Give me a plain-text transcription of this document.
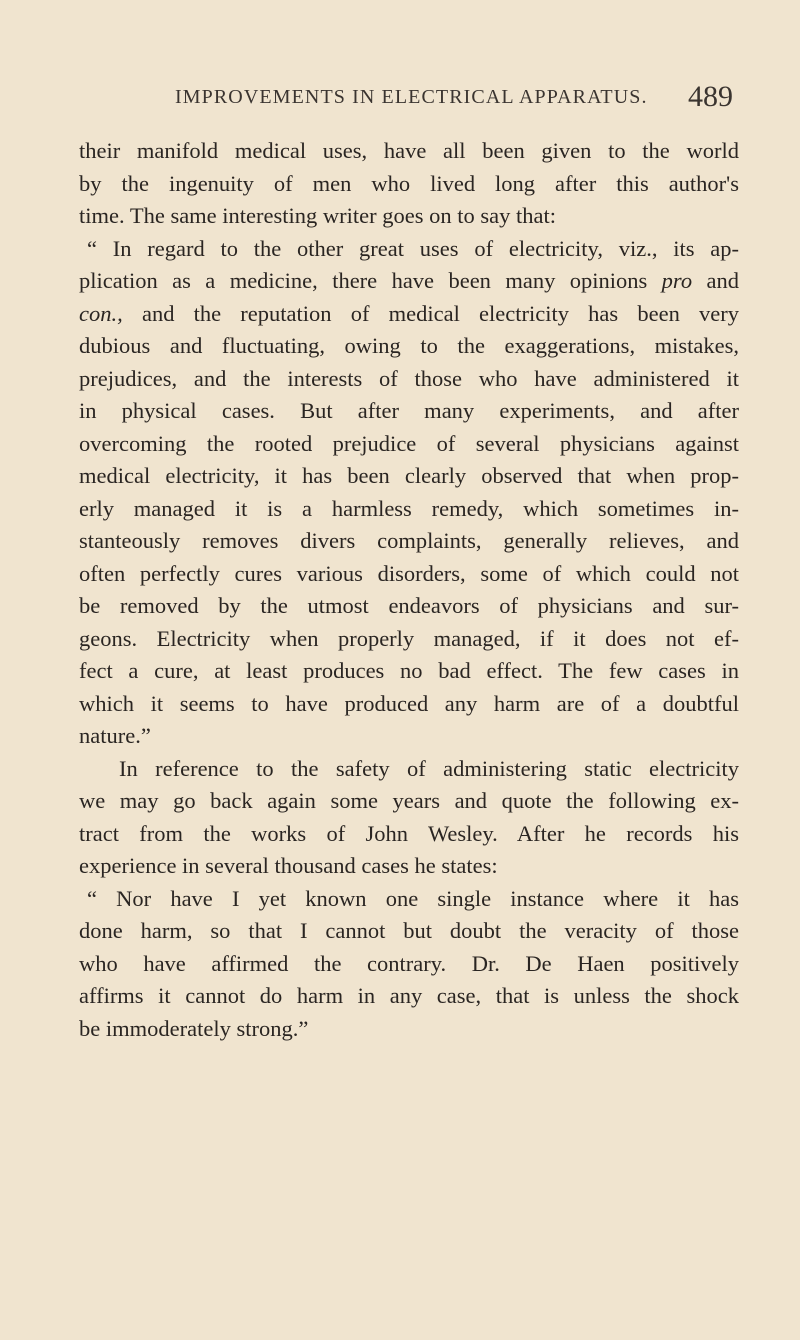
IMPROVEMENTS IN ELECTRICAL APPARATUS. 489
their manifold medical uses, have all been given to the world
by the ingenuity of men who lived long after this author's
time. The same interesting writer goes on to say that:
“ In regard to the other great uses of electricity, viz., its ap-
plication as a medicine, there have been many opinions pro and
con., and the reputation of medical electricity has been very
dubious and fluctuating, owing to the exaggerations, mistakes,
prejudices, and the interests of those who have administered it
in physical cases. But after many experiments, and after
overcoming the rooted prejudice of several physicians against
medical electricity, it has been clearly observed that when prop-
erly managed it is a harmless remedy, which sometimes in-
stanteously removes divers complaints, generally relieves, and
often perfectly cures various disorders, some of which could not
be removed by the utmost endeavors of physicians and sur-
geons. Electricity when properly managed, if it does not ef-
fect a cure, at least produces no bad effect. The few cases in
which it seems to have produced any harm are of a doubtful
nature.”
In reference to the safety of administering static electricity
we may go back again some years and quote the following ex-
tract from the works of John Wesley. After he records his
experience in several thousand cases he states:
“ Nor have I yet known one single instance where it has
done harm, so that I cannot but doubt the veracity of those
who have affirmed the contrary. Dr. De Haen positively
affirms it cannot do harm in any case, that is unless the shock
be immoderately strong.”
